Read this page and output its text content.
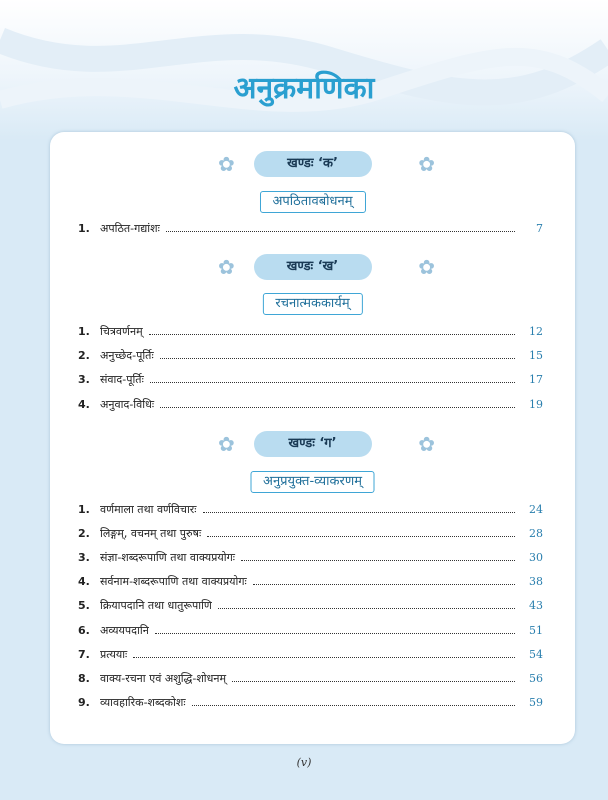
अनुक्रमणिका
✿	खण्डः ‘क’	✿
अपठितावबोधनम्
1. अपठित-गद्यांशः	7
✿	खण्डः ‘ख’	✿
रचनात्मककार्यम्
1. चित्रवर्णनम्	12
2. अनुच्छेद-पूर्तिः	15
3. संवाद-पूर्तिः	17
4. अनुवाद-विधिः	19
✿	खण्डः ‘ग’	✿
अनुप्रयुक्त-व्याकरणम्
1. वर्णमाला तथा वर्णविचारः	24
2. लिङ्गम्, वचनम् तथा पुरुषः	28
3. संज्ञा-शब्दरूपाणि तथा वाक्यप्रयोगः	30
4. सर्वनाम-शब्दरूपाणि तथा वाक्यप्रयोगः	38
5. क्रियापदानि तथा धातुरूपाणि	43
6. अव्ययपदानि	51
7. प्रत्ययाः	54
8. वाक्य-रचना एवं अशुद्धि-शोधनम्	56
9. व्यावहारिक-शब्दकोशः	59
(v)
